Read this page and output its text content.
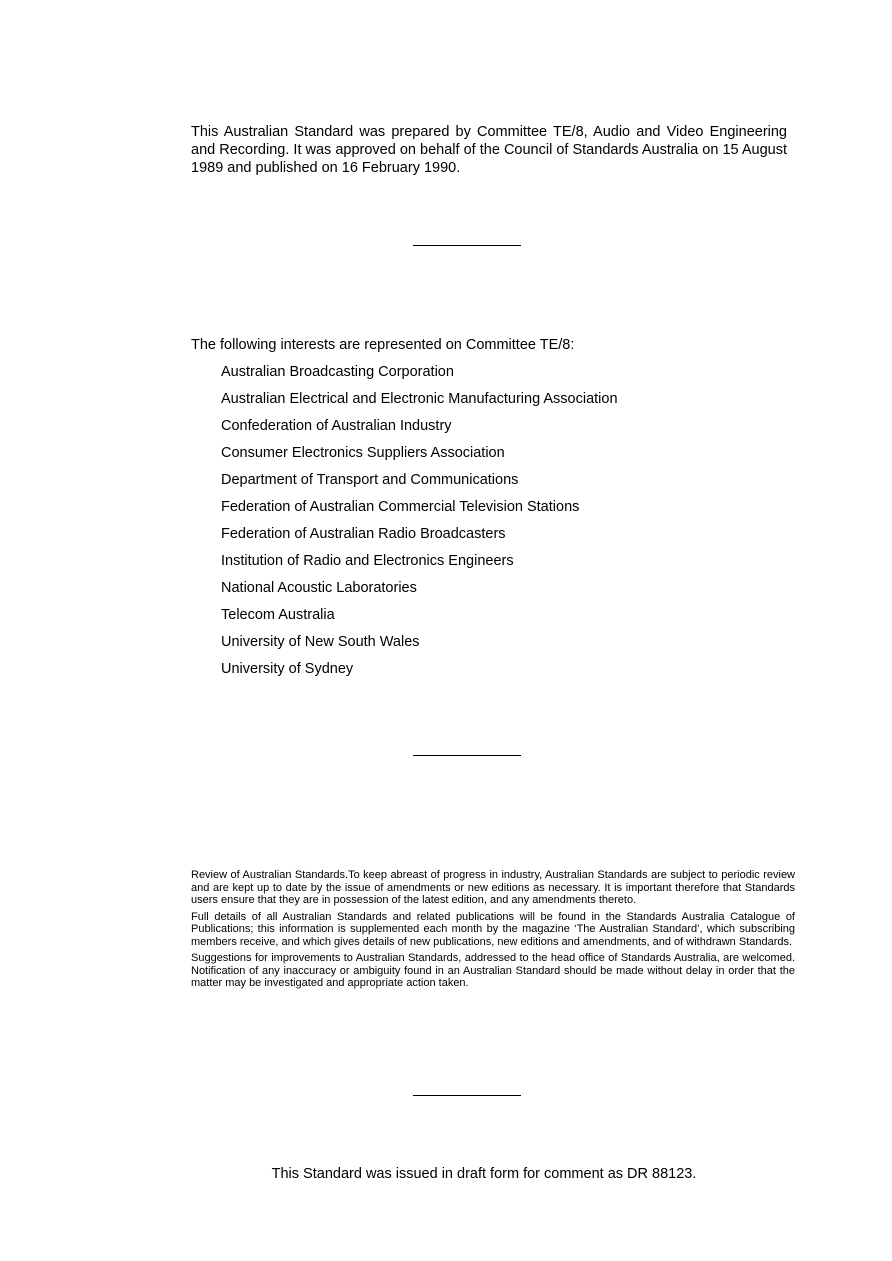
This Australian Standard was prepared by Committee TE/8, Audio and Video Engineering and Recording. It was approved on behalf of the Council of Standards Australia on 15 August 1989 and published on 16 February 1990.

The following interests are represented on Committee TE/8:

Australian Broadcasting Corporation
Australian Electrical and Electronic Manufacturing Association
Confederation of Australian Industry
Consumer Electronics Suppliers Association
Department of Transport and Communications
Federation of Australian Commercial Television Stations
Federation of Australian Radio Broadcasters
Institution of Radio and Electronics Engineers
National Acoustic Laboratories
Telecom Australia
University of New South Wales
University of Sydney

Review of Australian Standards.To keep abreast of progress in industry, Australian Standards are subject to periodic review and are kept up to date by the issue of amendments or new editions as necessary. It is important therefore that Standards users ensure that they are in possession of the latest edition, and any amendments thereto.

Full details of all Australian Standards and related publications will be found in the Standards Australia Catalogue of Publications; this information is supplemented each month by the magazine ‘The Australian Standard’, which subscribing members receive, and which gives details of new publications, new editions and amendments, and of withdrawn Standards.

Suggestions for improvements to Australian Standards, addressed to the head office of Standards Australia, are welcomed. Notification of any inaccuracy or ambiguity found in an Australian Standard should be made without delay in order that the matter may be investigated and appropriate action taken.

This Standard was issued in draft form for comment as DR 88123.
